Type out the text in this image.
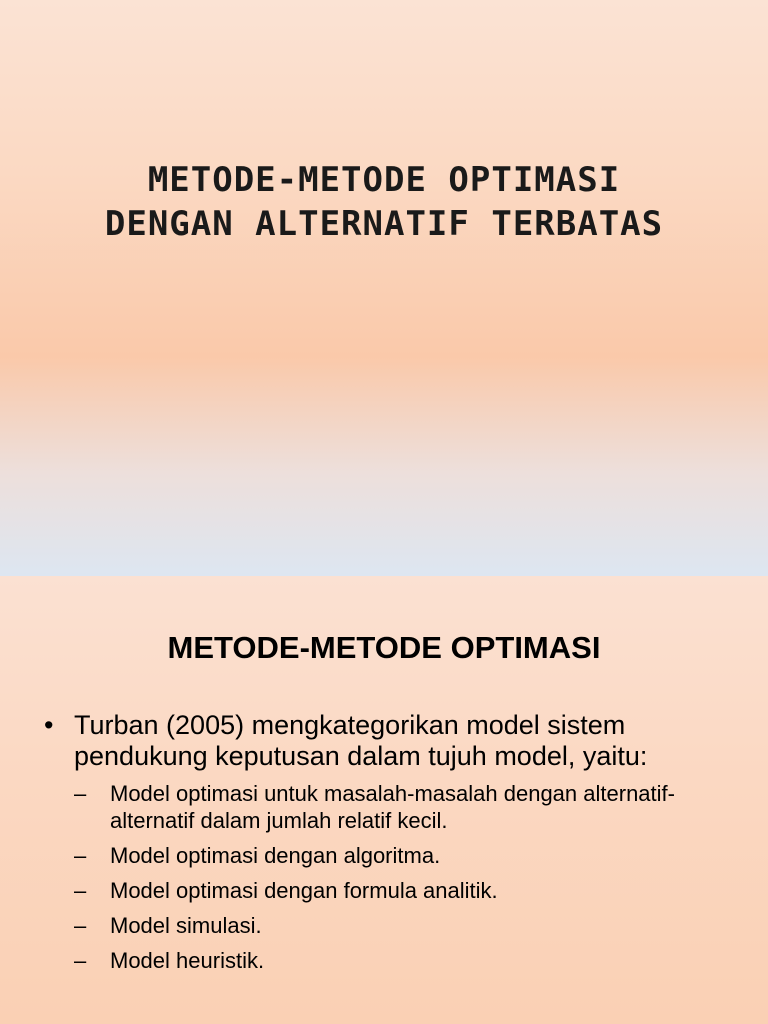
METODE-METODE OPTIMASI
DENGAN ALTERNATIF TERBATAS
METODE-METODE OPTIMASI
• Turban (2005) mengkategorikan model sistem pendukung keputusan dalam tujuh model, yaitu:
– Model optimasi untuk masalah-masalah dengan alternatif-alternatif dalam jumlah relatif kecil.
– Model optimasi dengan algoritma.
– Model optimasi dengan formula analitik.
– Model simulasi.
– Model heuristik.
